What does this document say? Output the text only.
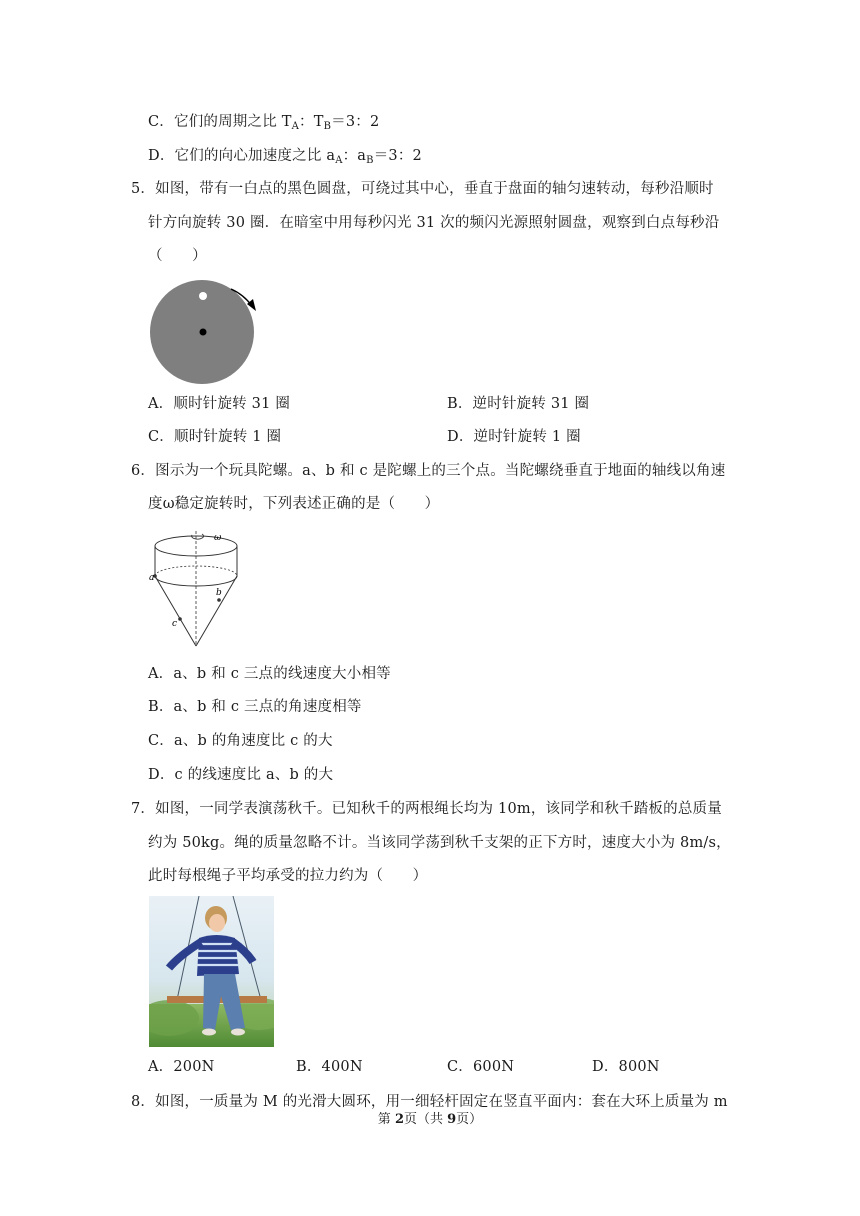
C．它们的周期之比 $T_A$：$T_B=3$：2
D．它们的向心加速度之比 $a_A$：$a_B=3$：2
5．如图，带有一白点的黑色圆盘，可绕过其中心，垂直于盘面的轴匀速转动，每秒沿顺时
针方向旋转 30 圈．在暗室中用每秒闪光 31 次的频闪光源照射圆盘，观察到白点每秒沿
（　　）
A．顺时针旋转 31 圈	B．逆时针旋转 31 圈
C．顺时针旋转 1 圈	D．逆时针旋转 1 圈
6．图示为一个玩具陀螺。a、b 和 c 是陀螺上的三个点。当陀螺绕垂直于地面的轴线以角速
度ω稳定旋转时，下列表述正确的是（　　）
ω
a
b
c
A．a、b 和 c 三点的线速度大小相等
B．a、b 和 c 三点的角速度相等
C．a、b 的角速度比 c 的大
D．c 的线速度比 a、b 的大
7．如图，一同学表演荡秋千。已知秋千的两根绳长均为 10m，该同学和秋千踏板的总质量
约为 50kg。绳的质量忽略不计。当该同学荡到秋千支架的正下方时，速度大小为 8m/s，
此时每根绳子平均承受的拉力约为（　　）
A．200N	B．400N	C．600N	D．800N
8．如图，一质量为 M 的光滑大圆环，用一细轻杆固定在竖直平面内：套在大环上质量为 m
第 2页（共 9页）
